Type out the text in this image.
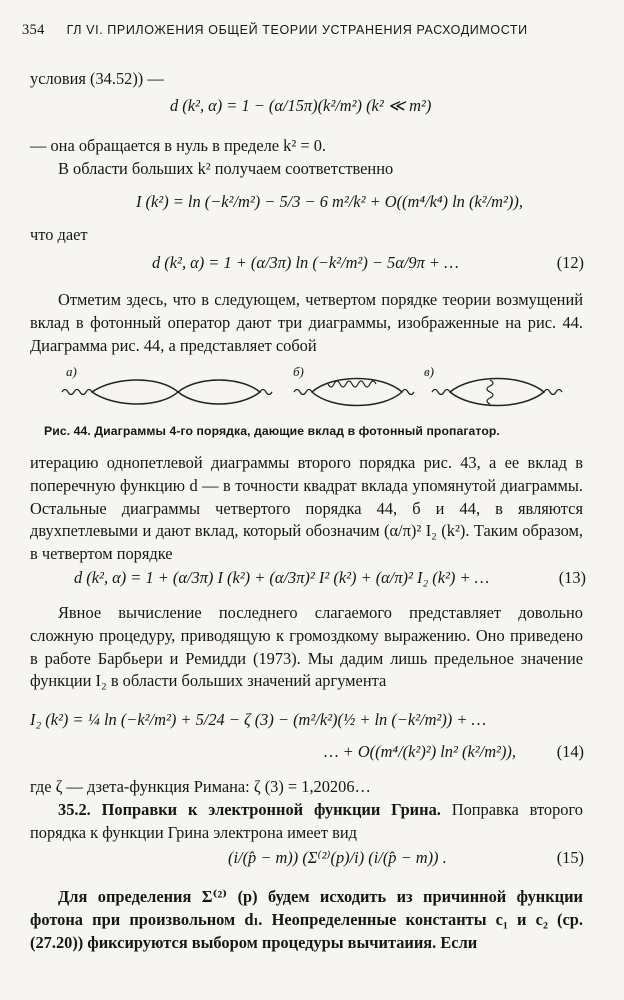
354 ГЛ VI. ПРИЛОЖЕНИЯ ОБЩЕЙ ТЕОРИИ УСТРАНЕНИЯ РАСХОДИМОСТИ

условия (34.52)) —

d (k², α) = 1 − (α/15π)(k²/m²) (k² ≪ m²)

— она обращается в нуль в пределе k² = 0.

В области больших k² получаем соответственно

I (k²) = ln (−k²/m²) − 5/3 − 6 m²/k² + O((m⁴/k⁴) ln (k²/m²)),

что дает

d (k², α) = 1 + (α/3π) ln (−k²/m²) − 5α/9π + …	(12)

Отметим здесь, что в следующем, четвертом порядке теории возмущений вклад в фотонный оператор дают три диаграммы, изображенные на рис. 44. Диаграмма рис. 44, а представляет собой

а)	б)	в)
Рис. 44. Диаграммы 4-го порядка, дающие вклад в фотонный пропагатор.

итерацию однопетлевой диаграммы второго порядка рис. 43, а ее вклад в поперечную функцию d — в точности квадрат вклада упомянутой диаграммы. Остальные диаграммы четвертого порядка 44, б и 44, в являются двухпетлевыми и дают вклад, который обозначим (α/π)² I₂ (k²). Таким образом, в четвертом порядке

d (k², α) = 1 + (α/3π) I (k²) + (α/3π)² I² (k²) + (α/π)² I₂ (k²) + …	(13)

Явное вычисление последнего слагаемого представляет довольно сложную процедуру, приводящую к громоздкому выражению. Оно приведено в работе Барбьери и Ремидди (1973). Мы дадим лишь предельное значение функции I₂ в области больших значений аргумента

I₂ (k²) = ¼ ln (−k²/m²) + 5/24 − ζ (3) − (m²/k²)(½ + ln (−k²/m²)) + …
… + O((m⁴/(k²)²) ln² (k²/m²)), (14)

где ζ — дзета-функция Римана: ζ (3) = 1,20206…

35.2. Поправки к электронной функции Грина. Поправка второго порядка к функции Грина электрона имеет вид

(i/(p̂ − m)) (Σ⁽²⁾(p)/i) (i/(p̂ − m)) .	(15)

Для определения Σ⁽²⁾ (p) будем исходить из причинной функции фотона при произвольном dₗ. Неопределенные константы c₁ и c₂ (ср. (27.20)) фиксируются выбором процедуры вычитаиия. Если
